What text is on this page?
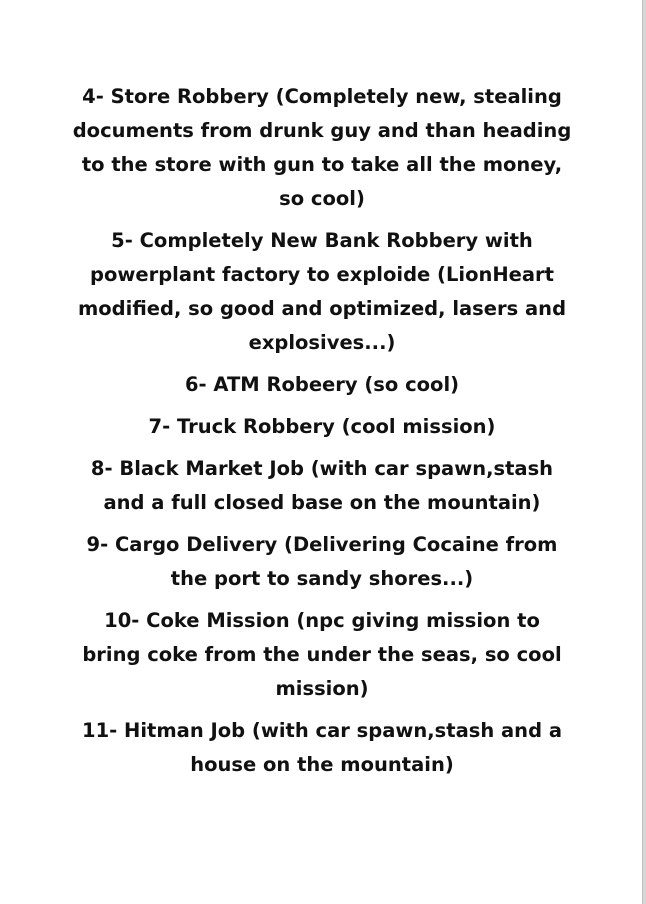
4- Store Robbery (Completely new, stealing documents from drunk guy and than heading to the store with gun to take all the money, so cool)

5- Completely New Bank Robbery with powerplant factory to exploide (LionHeart modified, so good and optimized, lasers and explosives...)

6- ATM Robeery (so cool)

7- Truck Robbery (cool mission)

8- Black Market Job (with car spawn,stash and a full closed base on the mountain)

9- Cargo Delivery (Delivering Cocaine from the port to sandy shores...)

10- Coke Mission (npc giving mission to bring coke from the under the seas, so cool mission)

11- Hitman Job (with car spawn,stash and a house on the mountain)
